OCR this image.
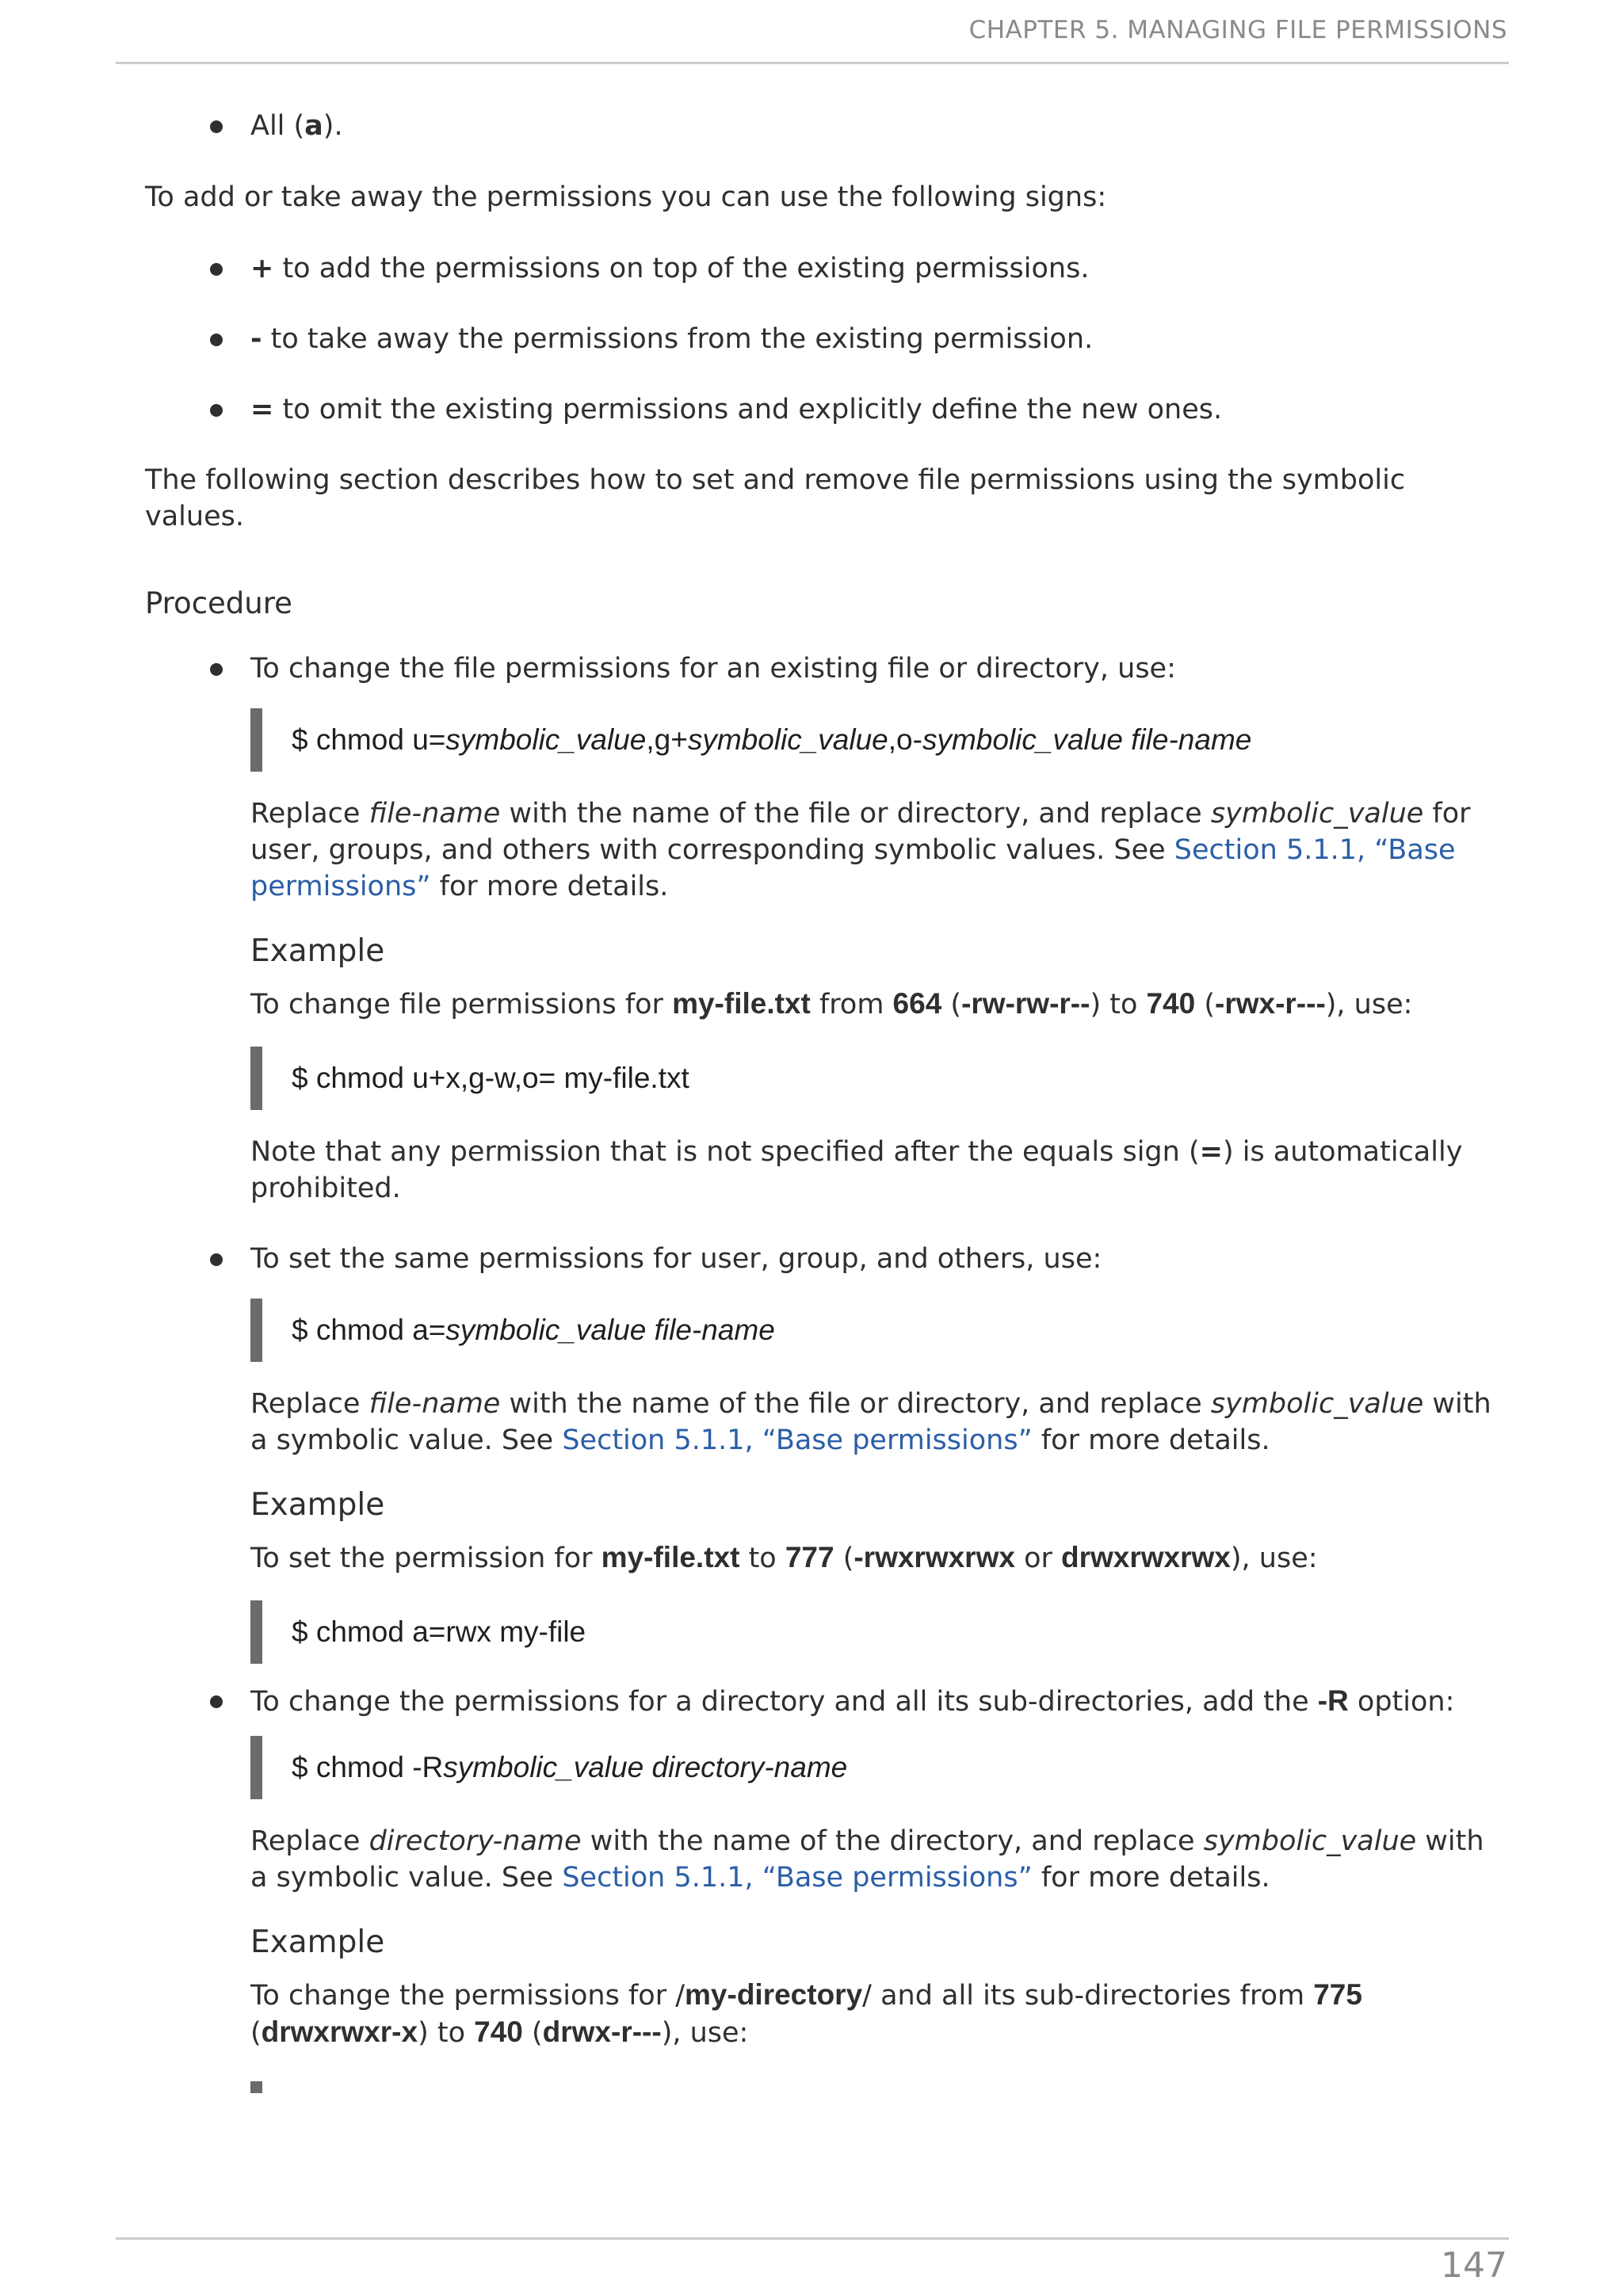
CHAPTER 5. MANAGING FILE PERMISSIONS
All (a).

To add or take away the permissions you can use the following signs:

+ to add the permissions on top of the existing permissions.
- to take away the permissions from the existing permission.
= to omit the existing permissions and explicitly define the new ones.

The following section describes how to set and remove file permissions using the symbolic values.

Procedure

To change the file permissions for an existing file or directory, use:

$ chmod u= symbolic_value ,g+ symbolic_value ,o- symbolic_value file-name

Replace file-name with the name of the file or directory, and replace symbolic_value for user, groups, and others with corresponding symbolic values. See Section 5.1.1, “Base permissions” for more details.

Example

To change file permissions for my-file.txt from 664 (-rw-rw-r--) to 740 (-rwx-r---), use:

$ chmod u+x,g-w,o= my-file.txt

Note that any permission that is not specified after the equals sign (=) is automatically prohibited.

To set the same permissions for user, group, and others, use:

$ chmod a= symbolic_value file-name

Replace file-name with the name of the file or directory, and replace symbolic_value with a symbolic value. See Section 5.1.1, “Base permissions” for more details.

Example

To set the permission for my-file.txt to 777 (-rwxrwxrwx or drwxrwxrwx), use:

$ chmod a=rwx my-file

To change the permissions for a directory and all its sub-directories, add the -R option:

$ chmod -R symbolic_value directory-name

Replace directory-name with the name of the directory, and replace symbolic_value with a symbolic value. See Section 5.1.1, “Base permissions” for more details.

Example

To change the permissions for /my-directory/ and all its sub-directories from 775 (drwxrwxr-x) to 740 (drwx-r---), use:

147
